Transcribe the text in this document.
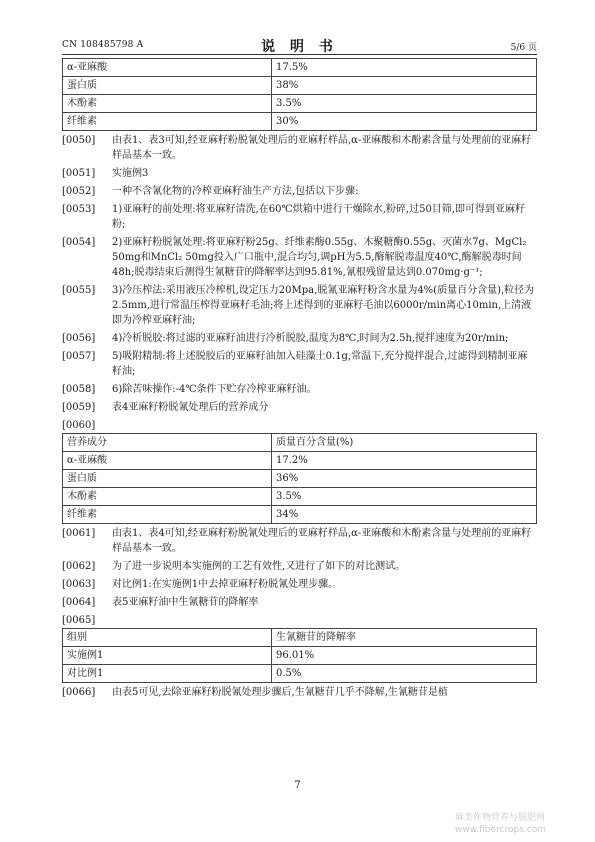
CN 108485798 A	说 明 书	5/6 页
α-亚麻酸	17.5%
蛋白质	38%
木酚素	3.5%
纤维素	30%

[0050]	由表1、表3可知,经亚麻籽粉脱氰处理后的亚麻籽样品,α-亚麻酸和木酚素含量与处理前的亚麻籽样品基本一致。

[0051]	实施例3

[0052]	一种不含氰化物的冷榨亚麻籽油生产方法,包括以下步骤:

[0053]	1)亚麻籽的前处理:将亚麻籽清洗,在60℃烘箱中进行干燥除水,粉碎,过50目筛,即可得到亚麻籽粉;

[0054]	2)亚麻籽粉脱氰处理:将亚麻籽粉25g、纤维素酶0.55g、木聚糖酶0.55g、灭菌水7g、MgCl₂ 50mg和MnCl₂ 50mg投入广口瓶中,混合均匀,调pH为5.5,酶解脱毒温度40℃,酶解脱毒时间48h;脱毒结束后测得生氰糖苷的降解率达到95.81%,氰根残留量达到0.070mg·g⁻¹;

[0055]	3)冷压榨法:采用液压冷榨机,设定压力20Mpa,脱氰亚麻籽粉含水量为4%(质量百分含量),粒径为2.5mm,进行常温压榨得亚麻籽毛油;将上述得到的亚麻籽毛油以6000r/min离心10min,上清液即为冷榨亚麻籽油;

[0056]	4)冷析脱胶:将过滤的亚麻籽油进行冷析脱胶,温度为8℃,时间为2.5h,搅拌速度为20r/min;

[0057]	5)吸附精制:将上述脱胶后的亚麻籽油加入硅藻土0.1g,常温下,充分搅拌混合,过滤得到精制亚麻籽油;

[0058]	6)除苦味操作:-4℃条件下贮存冷榨亚麻籽油。

[0059]	表4亚麻籽粉脱氰处理后的营养成分

[0060]

营养成分	质量百分含量(%)
α-亚麻酸	17.2%
蛋白质	36%
木酚素	3.5%
纤维素	34%

[0061]	由表1、表4可知,经亚麻籽粉脱氰处理后的亚麻籽样品,α-亚麻酸和木酚素含量与处理前的亚麻籽样品基本一致。

[0062]	为了进一步说明本实施例的工艺有效性,又进行了如下的对比测试。

[0063]	对比例1:在实施例1中去掉亚麻籽粉脱氰处理步骤。

[0064]	表5亚麻籽油中生氰糖苷的降解率

[0065]

组别	生氰糖苷的降解率
实施例1	96.01%
对比例1	0.5%

[0066]	由表5可见,去除亚麻籽粉脱氰处理步骤后,生氰糖苷几乎不降解,生氰糖苷是植

7
麻类作物营养与脱肥网
www.fibercrops.com
